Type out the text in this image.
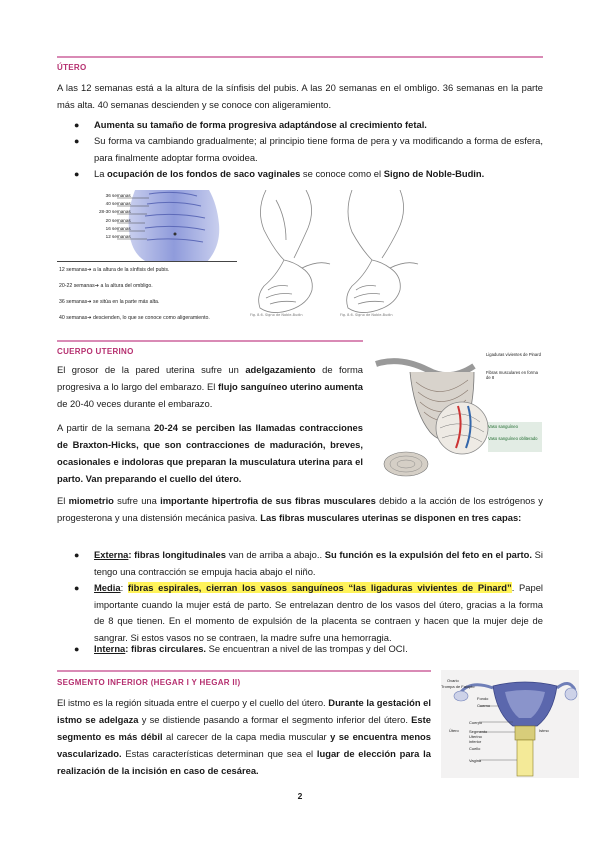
ÚTERO
A las 12 semanas está a la altura de la sínfisis del pubis. A las 20 semanas en el ombligo. 36 semanas en la parte más alta. 40 semanas descienden y se conoce con aligeramiento.
● Aumenta su tamaño de forma progresiva adaptándose al crecimiento fetal.
● Su forma va cambiando gradualmente; al principio tiene forma de pera y va modificando a forma de esfera, para finalmente adoptar forma ovoidea.
● La ocupación de los fondos de saco vaginales se conoce como el Signo de Noble-Budin.
36 semanas
40 semanas
28-30 semanas
20 semanas
16 semanas
12 semanas
12 semanas➔ a la altura de la sínfisis del pubis.
20-22 semanas➔ a la altura del ombligo.
36 semanas➔ se sitúa en la parte más alta.
40 semanas➔ descienden, lo que se conoce como aligeramiento.	Fig. 8.6. Signo de Noble-Budin	Fig. 8.6. Signo de Noble-Budin
CUERPO UTERINO
El grosor de la pared uterina sufre un adelgazamiento de forma progresiva a lo largo del embarazo. El flujo sanguíneo uterino aumenta de 20-40 veces durante el embarazo.
A partir de la semana 20-24 se perciben las llamadas contracciones de Braxton-Hicks, que son contracciones de maduración, breves, ocasionales e indoloras que preparan la musculatura uterina para el parto. Van preparando el cuello del útero.
Ligaduras vivientes de Pinard
Fibras musculares en forma de 8
Vaso sanguíneo
Vaso sanguíneo obliterado
El miometrio sufre una importante hipertrofia de sus fibras musculares debido a la acción de los estrógenos y progesterona y una distensión mecánica pasiva. Las fibras musculares uterinas se disponen en tres capas:
● Externa: fibras longitudinales van de arriba a abajo.. Su función es la expulsión del feto en el parto. Si tengo una contracción se empuja hacia abajo el niño.
● Media: fibras espirales, cierran los vasos sanguíneos “las ligaduras vivientes de Pinard”. Papel importante cuando la mujer está de parto. Se entrelazan dentro de los vasos del útero, gracias a la forma de 8 que tienen. En el momento de expulsión de la placenta se contraen y hacen que la mujer deje de sangrar. Si estos vasos no se contraen, la madre sufre una hemorragia.
● Interna: fibras circulares. Se encuentran a nivel de las trompas y del OCI.
SEGMENTO INFERIOR (HEGAR I Y HEGAR II)
El istmo es la región situada entre el cuerpo y el cuello del útero. Durante la gestación el istmo se adelgaza y se distiende pasando a formar el segmento inferior del útero. Este segmento es más débil al carecer de la capa media muscular y se encuentra menos vascularizado. Estas características determinan que sea el lugar de elección para la realización de la incisión en caso de cesárea.
Ovario
Trompa de Falopio
Fondo
Cuerno
Cuerpo
Segmento Uterino inferior
Cuello
Vagina
Útero	Istmo
2
